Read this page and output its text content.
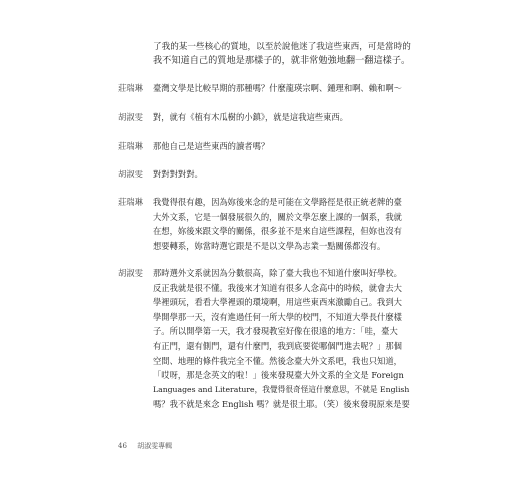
了我的某一些核心的質地，以至於說他迷了我這些東西，可是當時的
我不知道自己的質地是那樣子的，就非常勉強地翻一翻這樣子。
莊瑞琳	臺灣文學是比較早期的那種嗎？什麼龍瑛宗啊、鍾理和啊、賴和啊～
胡淑雯	對，就有《植有木瓜樹的小鎮》，就是這我這些東西。
莊瑞琳	那他自己是這些東西的讀者嗎？
胡淑雯	對對對對對。
莊瑞琳	我覺得很有趣，因為妳後來念的是可能在文學路徑是很正統老牌的臺
大外文系，它是一個發展很久的，關於文學怎麼上課的一個系，我就
在想，妳後來跟文學的關係，很多並不是來自這些課程，但妳也沒有
想要轉系，妳當時選它跟是不是以文學為志業一點關係都沒有。
胡淑雯	那時選外文系就因為分數很高，除了臺大我也不知道什麼叫好學校。
反正我就是很不懂。我後來才知道有很多人念高中的時候，就會去大
學裡頭玩，看看大學裡頭的環境啊，用這些東西來激勵自己。我到大
學開學那一天，沒有進過任何一所大學的校門，不知道大學長什麼樣
子。所以開學第一天，我才發現教室好像在很遠的地方：「哇，臺大
有正門，還有側門，還有什麼門，我到底要從哪個門進去呢？」那個
空間、地理的條件我完全不懂。然後念臺大外文系吧，我也只知道，
「哎呀，那是念英文的啦！」後來發現臺大外文系的全文是 Foreign
Languages and Literature，我覺得很奇怪這什麼意思，不就是 English
嗎？我不就是來念 English 嗎？就是很土耶。（笑）後來發現原來是要
46 胡淑雯專輯
